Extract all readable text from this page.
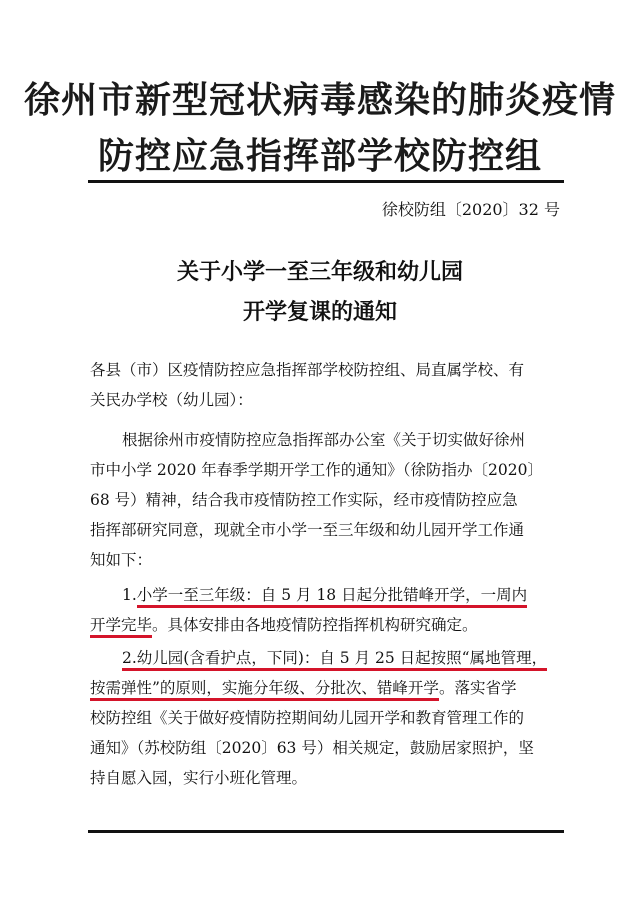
徐州市新型冠状病毒感染的肺炎疫情
防控应急指挥部学校防控组
徐校防组〔2020〕32 号
关于小学一至三年级和幼儿园
开学复课的通知
各县（市）区疫情防控应急指挥部学校防控组、局直属学校、有
关民办学校（幼儿园）：
根据徐州市疫情防控应急指挥部办公室《关于切实做好徐州
市中小学 2020 年春季学期开学工作的通知》（徐防指办〔2020〕
68 号）精神，结合我市疫情防控工作实际，经市疫情防控应急
指挥部研究同意，现就全市小学一至三年级和幼儿园开学工作通
知如下：
1.小学一至三年级：自 5 月 18 日起分批错峰开学，一周内
开学完毕。具体安排由各地疫情防控指挥机构研究确定。
2.幼儿园(含看护点，下同)：自 5 月 25 日起按照“属地管理，
按需弹性”的原则，实施分年级、分批次、错峰开学。落实省学
校防控组《关于做好疫情防控期间幼儿园开学和教育管理工作的
通知》（苏校防组〔2020〕63 号）相关规定，鼓励居家照护，坚
持自愿入园，实行小班化管理。
